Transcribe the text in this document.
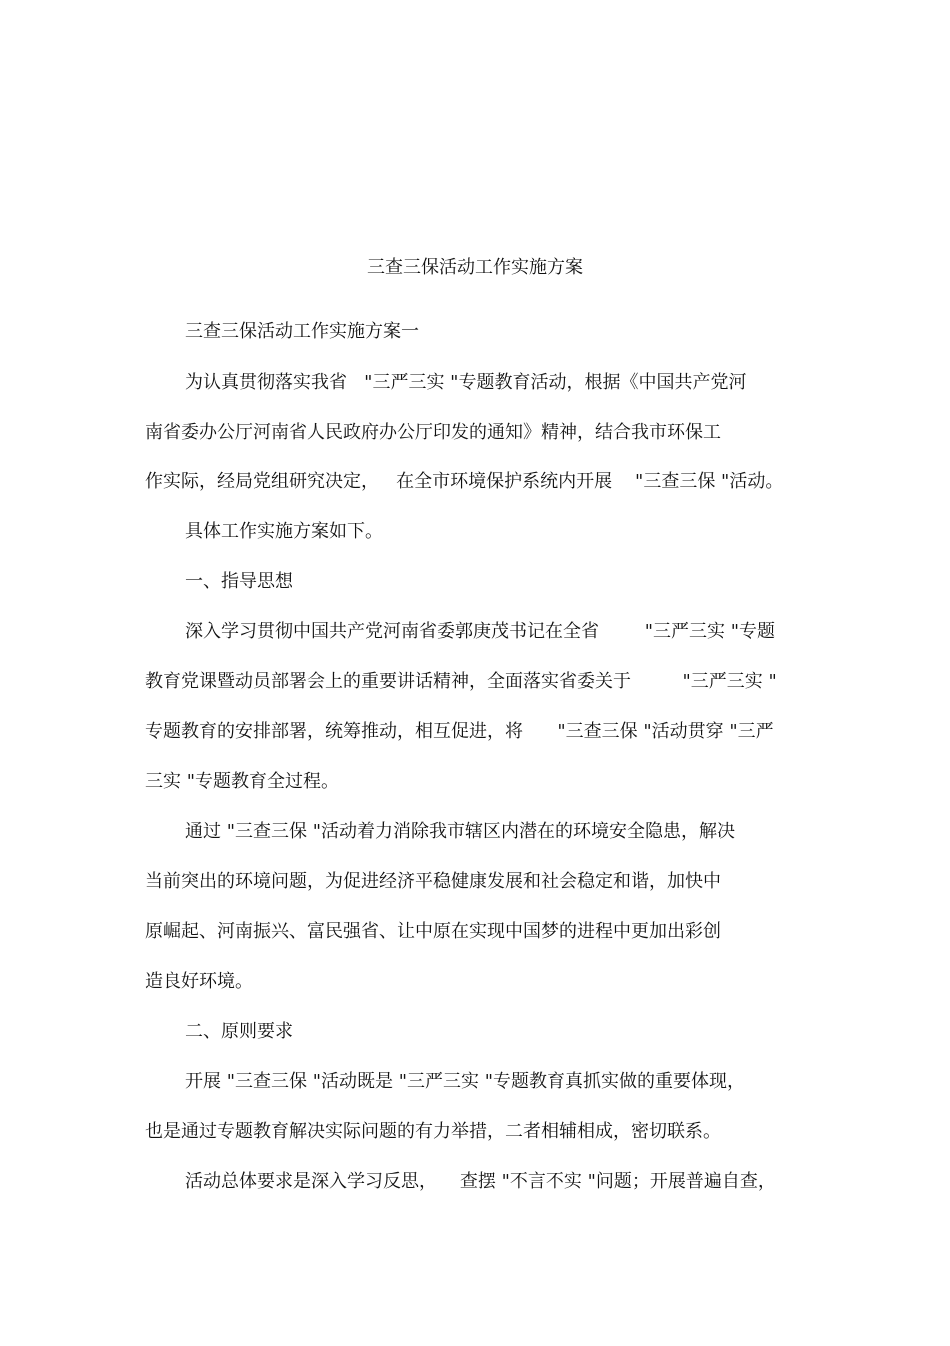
三查三保活动工作实施方案
三查三保活动工作实施方案一
为认真贯彻落实我省   "三严三实 "专题教育活动，根据《中国共产党河
南省委办公厅河南省人民政府办公厅印发的通知》精神，结合我市环保工
作实际，经局党组研究决定，   在全市环境保护系统内开展    "三查三保 "活动。
具体工作实施方案如下。
一、指导思想
深入学习贯彻中国共产党河南省委郭庚茂书记在全省        "三严三实 "专题
教育党课暨动员部署会上的重要讲话精神，全面落实省委关于         "三严三实 "
专题教育的安排部署，统筹推动，相互促进，将      "三查三保 "活动贯穿 "三严
三实 "专题教育全过程。
通过 "三查三保 "活动着力消除我市辖区内潜在的环境安全隐患，解决
当前突出的环境问题，为促进经济平稳健康发展和社会稳定和谐，加快中
原崛起、河南振兴、富民强省、让中原在实现中国梦的进程中更加出彩创
造良好环境。
二、原则要求
开展 "三查三保 "活动既是 "三严三实 "专题教育真抓实做的重要体现，
也是通过专题教育解决实际问题的有力举措，二者相辅相成，密切联系。
活动总体要求是深入学习反思，    查摆 "不言不实 "问题；开展普遍自查，
